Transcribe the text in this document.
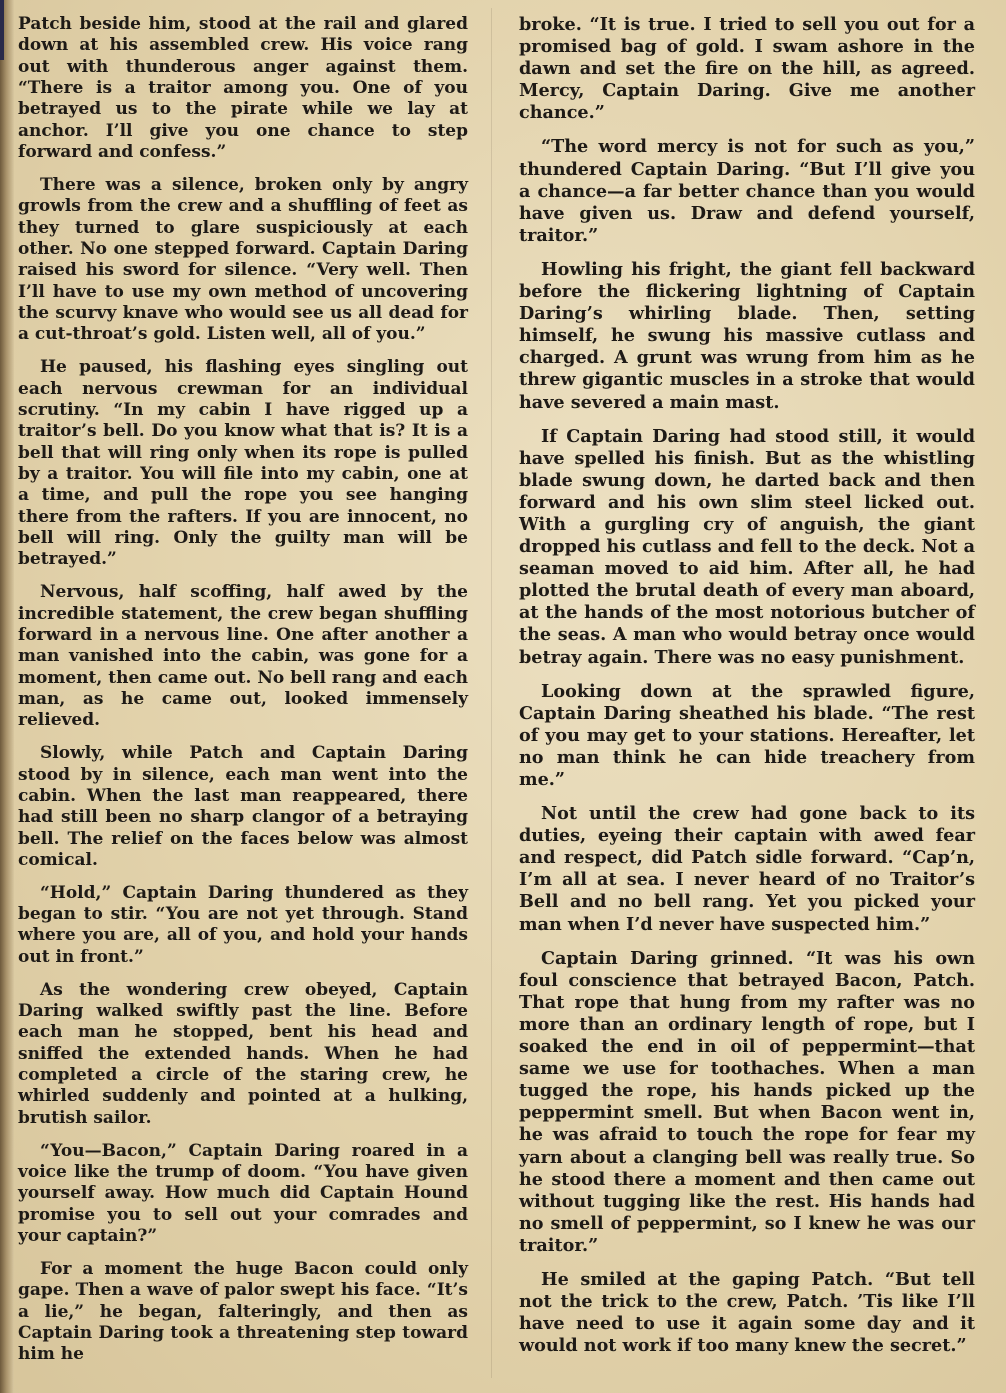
Patch beside him, stood at the rail and glared down at his assembled crew. His voice rang out with thunderous anger against them. “There is a traitor among you. One of you betrayed us to the pirate while we lay at anchor. I’ll give you one chance to step forward and confess.”

There was a silence, broken only by angry growls from the crew and a shuffling of feet as they turned to glare suspiciously at each other. No one stepped forward. Captain Daring raised his sword for silence. “Very well. Then I’ll have to use my own method of uncovering the scurvy knave who would see us all dead for a cut-throat’s gold. Listen well, all of you.”

He paused, his flashing eyes singling out each nervous crewman for an individual scrutiny. “In my cabin I have rigged up a traitor’s bell. Do you know what that is? It is a bell that will ring only when its rope is pulled by a traitor. You will file into my cabin, one at a time, and pull the rope you see hanging there from the rafters. If you are innocent, no bell will ring. Only the guilty man will be betrayed.”

Nervous, half scoffing, half awed by the incredible statement, the crew began shuffling forward in a nervous line. One after another a man vanished into the cabin, was gone for a moment, then came out. No bell rang and each man, as he came out, looked immensely relieved.

Slowly, while Patch and Captain Daring stood by in silence, each man went into the cabin. When the last man reappeared, there had still been no sharp clangor of a betraying bell. The relief on the faces below was almost comical.

“Hold,” Captain Daring thundered as they began to stir. “You are not yet through. Stand where you are, all of you, and hold your hands out in front.”

As the wondering crew obeyed, Captain Daring walked swiftly past the line. Before each man he stopped, bent his head and sniffed the extended hands. When he had completed a circle of the staring crew, he whirled suddenly and pointed at a hulking, brutish sailor.

“You—Bacon,” Captain Daring roared in a voice like the trump of doom. “You have given yourself away. How much did Captain Hound promise you to sell out your comrades and your captain?”

For a moment the huge Bacon could only gape. Then a wave of palor swept his face. “It’s a lie,” he began, falteringly, and then as Captain Daring took a threatening step toward him he

broke. “It is true. I tried to sell you out for a promised bag of gold. I swam ashore in the dawn and set the fire on the hill, as agreed. Mercy, Captain Daring. Give me another chance.”

“The word mercy is not for such as you,” thundered Captain Daring. “But I’ll give you a chance—a far better chance than you would have given us. Draw and defend yourself, traitor.”

Howling his fright, the giant fell backward before the flickering lightning of Captain Daring’s whirling blade. Then, setting himself, he swung his massive cutlass and charged. A grunt was wrung from him as he threw gigantic muscles in a stroke that would have severed a main mast.

If Captain Daring had stood still, it would have spelled his finish. But as the whistling blade swung down, he darted back and then forward and his own slim steel licked out. With a gurgling cry of anguish, the giant dropped his cutlass and fell to the deck. Not a seaman moved to aid him. After all, he had plotted the brutal death of every man aboard, at the hands of the most notorious butcher of the seas. A man who would betray once would betray again. There was no easy punishment.

Looking down at the sprawled figure, Captain Daring sheathed his blade. “The rest of you may get to your stations. Hereafter, let no man think he can hide treachery from me.”

Not until the crew had gone back to its duties, eyeing their captain with awed fear and respect, did Patch sidle forward. “Cap’n, I’m all at sea. I never heard of no Traitor’s Bell and no bell rang. Yet you picked your man when I’d never have suspected him.”

Captain Daring grinned. “It was his own foul conscience that betrayed Bacon, Patch. That rope that hung from my rafter was no more than an ordinary length of rope, but I soaked the end in oil of peppermint—that same we use for toothaches. When a man tugged the rope, his hands picked up the peppermint smell. But when Bacon went in, he was afraid to touch the rope for fear my yarn about a clanging bell was really true. So he stood there a moment and then came out without tugging like the rest. His hands had no smell of peppermint, so I knew he was our traitor.”

He smiled at the gaping Patch. “But tell not the trick to the crew, Patch. ’Tis like I’ll have need to use it again some day and it would not work if too many knew the secret.”
